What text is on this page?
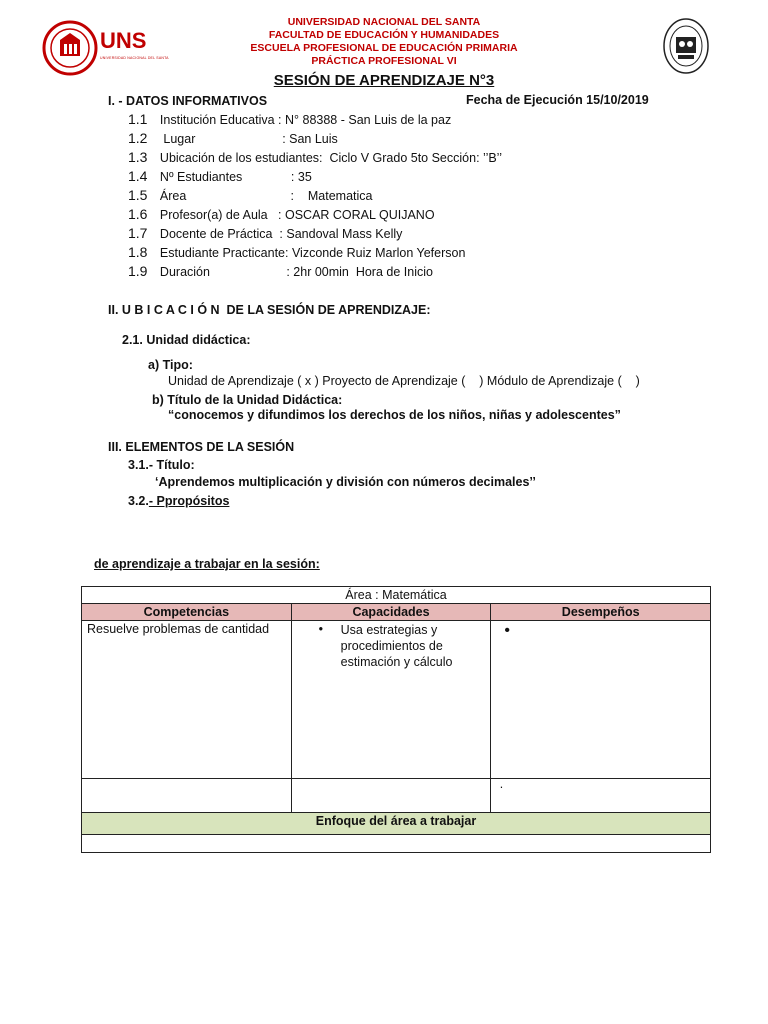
UNS
UNIVERSIDAD NACIONAL DEL SANTA
UNIVERSIDAD NACIONAL DEL SANTA
FACULTAD DE EDUCACIÓN Y HUMANIDADES
ESCUELA PROFESIONAL DE EDUCACIÓN PRIMARIA
PRÁCTICA PROFESIONAL VI
SESIÓN DE APRENDIZAJE N°3
I. - DATOS INFORMATIVOS	Fecha de Ejecución 15/10/2019
1.1 Institución Educativa : N° 88388 - San Luis de la paz
1.2  Lugar                         : San Luis
1.3 Ubicación de los estudiantes:  Ciclo V Grado 5to Sección: ’’B’’
1.4 Nº Estudiantes              : 35
1.5 Área                              :    Matematica
1.6 Profesor(a) de Aula   : OSCAR CORAL QUIJANO
1.7 Docente de Práctica  : Sandoval Mass Kelly
1.8 Estudiante Practicante: Vizconde Ruiz Marlon Yeferson
1.9 Duración                      : 2hr 00min  Hora de Inicio
II. U B I C A C I Ó N  DE LA SESIÓN DE APRENDIZAJE:
2.1. Unidad didáctica:
a) Tipo:
Unidad de Aprendizaje ( x ) Proyecto de Aprendizaje (    ) Módulo de Aprendizaje (    )
b) Título de la Unidad Didáctica:
“conocemos y difundimos los derechos de los niños, niñas y adolescentes”
III. ELEMENTOS DE LA SESIÓN
3.1.- Título:
‘Aprendemos multiplicación y división con números decimales’’
3.2.- Ppropósitos
de aprendizaje a trabajar en la sesión:
Área : Matemática		
Competencias	Capacidades	Desempeños
Resuelve problemas de cantidad	• Usa estrategias y procedimientos de estimación y cálculo	•
		·
Enfoque del área a trabajar		
